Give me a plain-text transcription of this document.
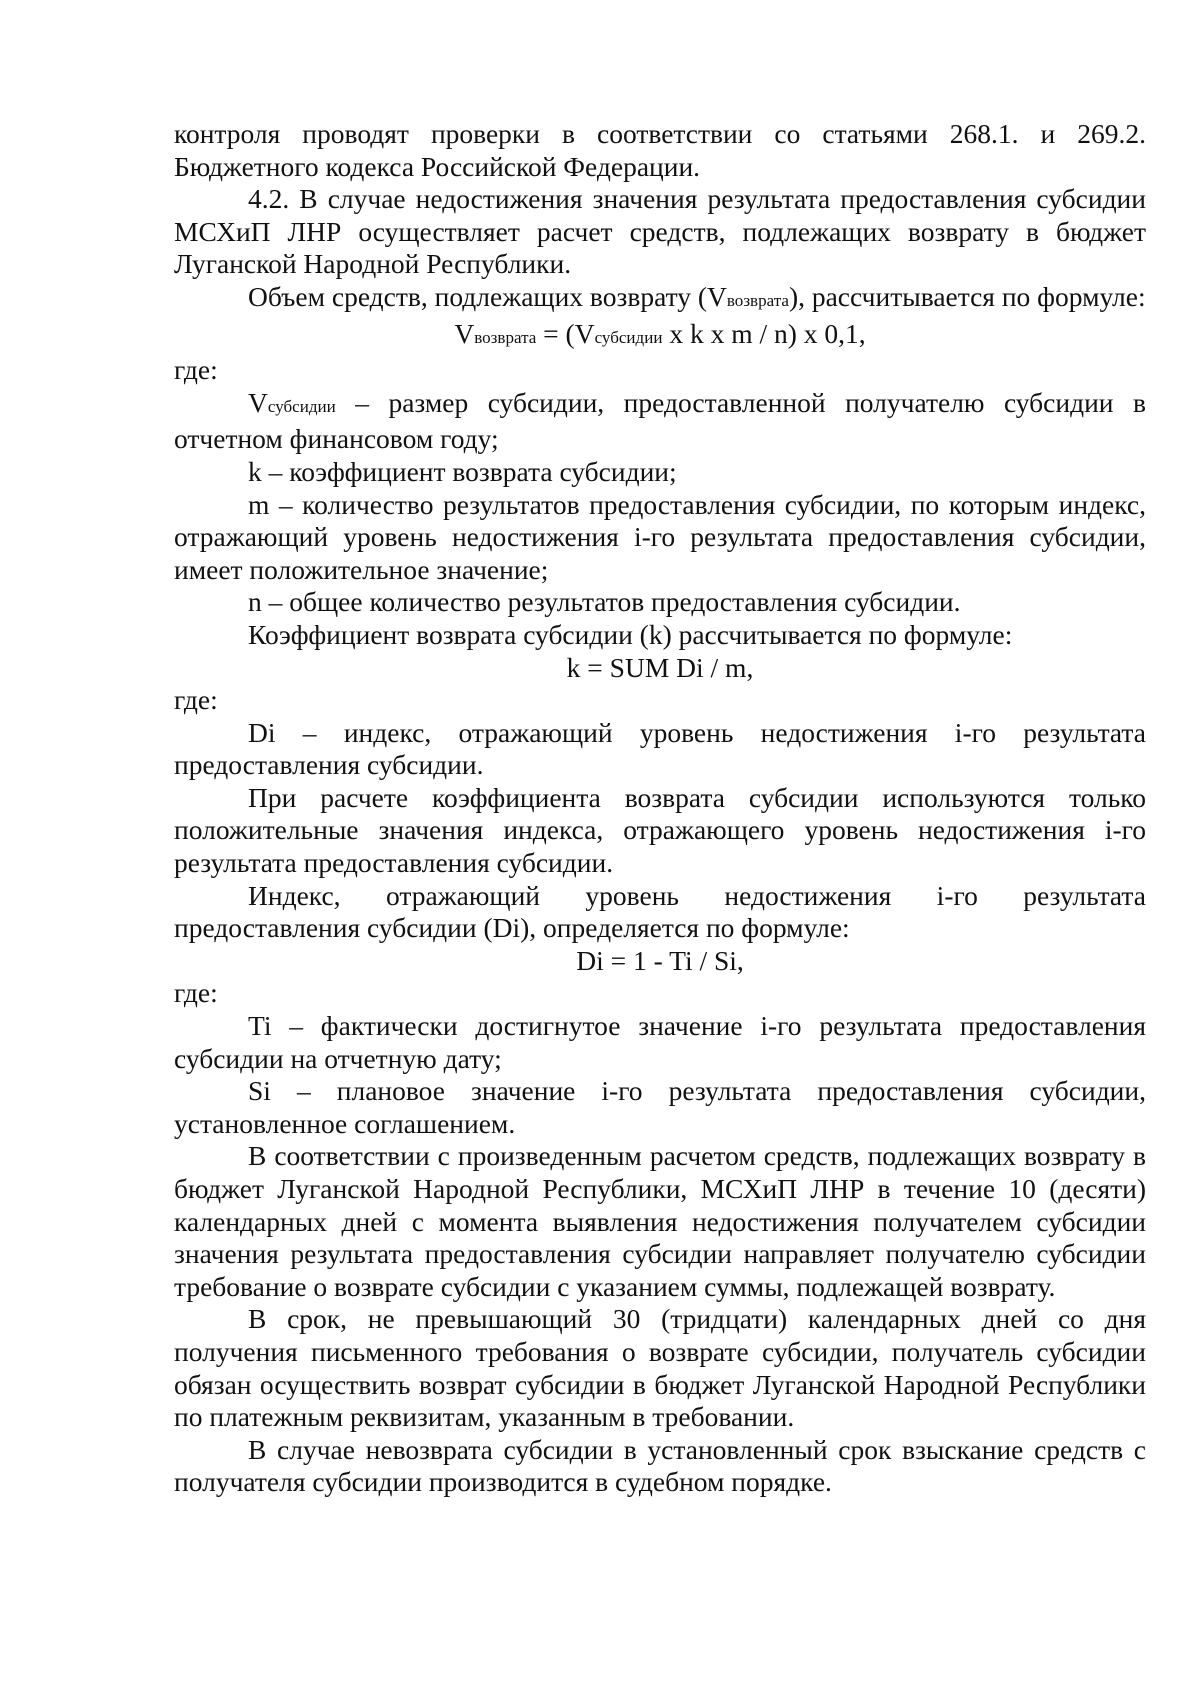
контроля проводят проверки в соответствии со статьями 268.1. и 269.2. Бюджетного кодекса Российской Федерации.

4.2. В случае недостижения значения результата предоставления субсидии МСХиП ЛНР осуществляет расчет средств, подлежащих возврату в бюджет Луганской Народной Республики.

Объем средств, подлежащих возврату (Vвозврата), рассчитывается по формуле:

Vвозврата = (Vсубсидии x k x m / n) x 0,1,

где:

Vсубсидии – размер субсидии, предоставленной получателю субсидии в отчетном финансовом году;

k – коэффициент возврата субсидии;

m – количество результатов предоставления субсидии, по которым индекс, отражающий уровень недостижения i-го результата предоставления субсидии, имеет положительное значение;

n – общее количество результатов предоставления субсидии.

Коэффициент возврата субсидии (k) рассчитывается по формуле:

k = SUM Di / m,

где:

Di – индекс, отражающий уровень недостижения i-го результата предоставления субсидии.

При расчете коэффициента возврата субсидии используются только положительные значения индекса, отражающего уровень недостижения i-го результата предоставления субсидии.

Индекс, отражающий уровень недостижения i-го результата предоставления субсидии (Di), определяется по формуле:

Di = 1 - Ti / Si,

где:

Ti – фактически достигнутое значение i-го результата предоставления субсидии на отчетную дату;

Si – плановое значение i-го результата предоставления субсидии, установленное соглашением.

В соответствии с произведенным расчетом средств, подлежащих возврату в бюджет Луганской Народной Республики, МСХиП ЛНР в течение 10 (десяти) календарных дней с момента выявления недостижения получателем субсидии значения результата предоставления субсидии направляет получателю субсидии требование о возврате субсидии с указанием суммы, подлежащей возврату.

В срок, не превышающий 30 (тридцати) календарных дней со дня получения письменного требования о возврате субсидии, получатель субсидии обязан осуществить возврат субсидии в бюджет Луганской Народной Республики по платежным реквизитам, указанным в требовании.

В случае невозврата субсидии в установленный срок взыскание средств с получателя субсидии производится в судебном порядке.
